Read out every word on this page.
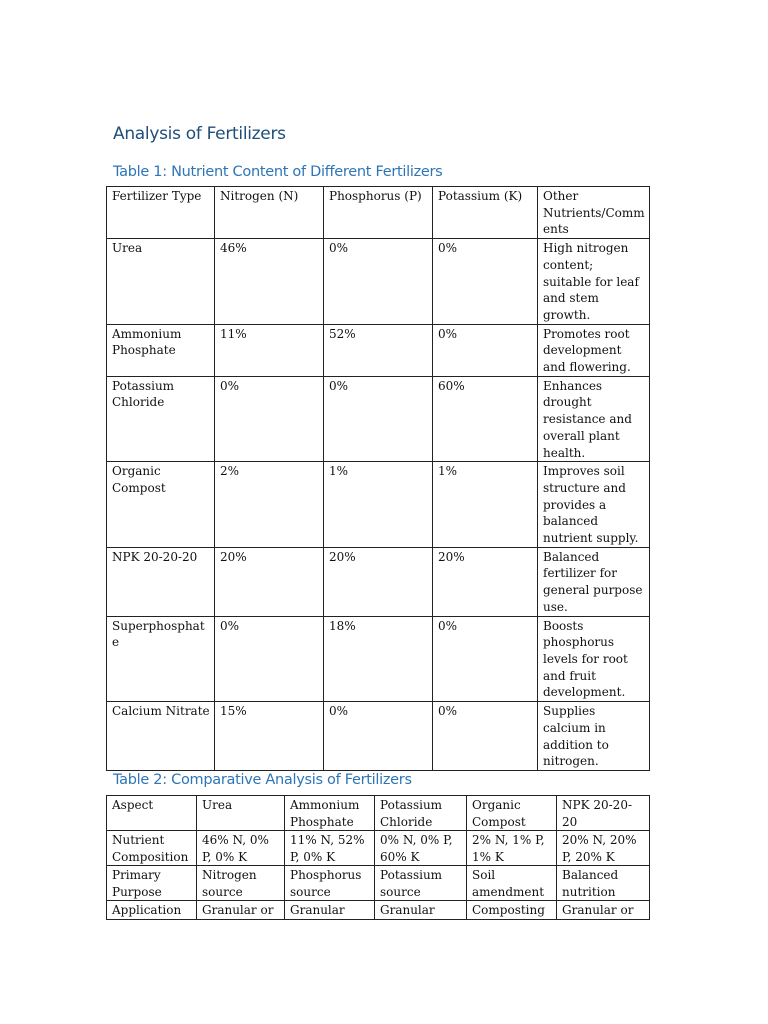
Analysis of Fertilizers
Table 1: Nutrient Content of Different Fertilizers
Fertilizer Type	Nitrogen (N)	Phosphorus (P)	Potassium (K)	Other Nutrients/Comments
Urea	46%	0%	0%	High nitrogen content; suitable for leaf and stem growth.
Ammonium Phosphate	11%	52%	0%	Promotes root development and flowering.
Potassium Chloride	0%	0%	60%	Enhances drought resistance and overall plant health.
Organic Compost	2%	1%	1%	Improves soil structure and provides a balanced nutrient supply.
NPK 20-20-20	20%	20%	20%	Balanced fertilizer for general purpose use.
Superphosphate	0%	18%	0%	Boosts phosphorus levels for root and fruit development.
Calcium Nitrate	15%	0%	0%	Supplies calcium in addition to nitrogen.
Table 2: Comparative Analysis of Fertilizers
Aspect	Urea	Ammonium Phosphate	Potassium Chloride	Organic Compost	NPK 20-20-20
Nutrient Composition	46% N, 0% P, 0% K	11% N, 52% P, 0% K	0% N, 0% P, 60% K	2% N, 1% P, 1% K	20% N, 20% P, 20% K
Primary Purpose	Nitrogen source	Phosphorus source	Potassium source	Soil amendment	Balanced nutrition
Application	Granular or	Granular	Granular	Composting	Granular or
